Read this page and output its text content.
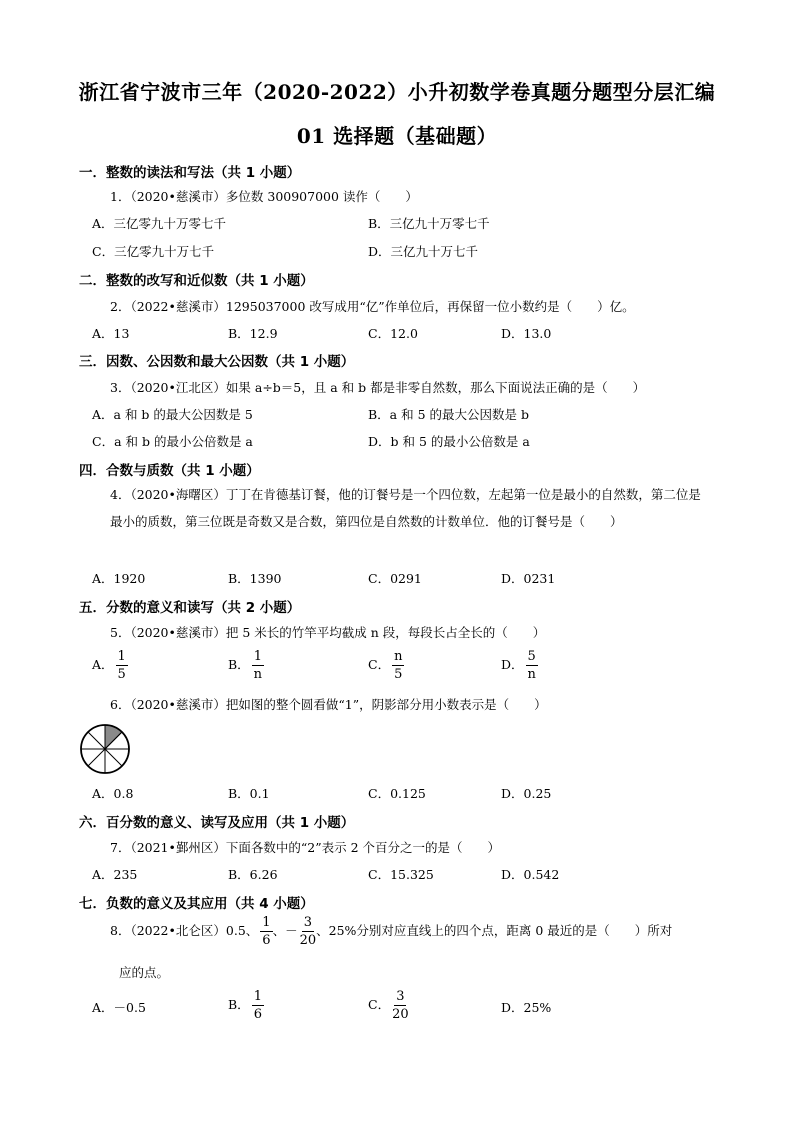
浙江省宁波市三年（2020-2022）小升初数学卷真题分题型分层汇编
01 选择题（基础题）
一．整数的读法和写法（共 1 小题）
1．（2020•慈溪市）多位数 300907000 读作（　　）
A．三亿零九十万零七千	B．三亿九十万零七千
C．三亿零九十万七千	D．三亿九十万七千
二．整数的改写和近似数（共 1 小题）
2．（2022•慈溪市）1295037000 改写成用“亿”作单位后，再保留一位小数约是（　　）亿。
A．13	B．12.9	C．12.0	D．13.0
三．因数、公因数和最大公因数（共 1 小题）
3．（2020•江北区）如果 a÷b＝5，且 a 和 b 都是非零自然数，那么下面说法正确的是（　　）
A．a 和 b 的最大公因数是 5	B．a 和 5 的最大公因数是 b
C．a 和 b 的最小公倍数是 a	D．b 和 5 的最小公倍数是 a
四．合数与质数（共 1 小题）
4．（2020•海曙区）丁丁在肯德基订餐，他的订餐号是一个四位数，左起第一位是最小的自然数，第二位是最小的质数，第三位既是奇数又是合数，第四位是自然数的计数单位．他的订餐号是（　　）
A．1920	B．1390	C．0291	D．0231
五．分数的意义和读写（共 2 小题）
5．（2020•慈溪市）把 5 米长的竹竿平均截成 n 段，每段长占全长的（　　）
A． $\frac{1}{5}$	B． $\frac{1}{n}$	C． $\frac{n}{5}$	D． $\frac{5}{n}$
6．（2020•慈溪市）把如图的整个圆看做“1”，阴影部分用小数表示是（　　）
A．0.8	B．0.1	C．0.125	D．0.25
六．百分数的意义、读写及应用（共 1 小题）
7．（2021•鄞州区）下面各数中的“2”表示 2 个百分之一的是（　　）
A．235	B．6.26	C．15.325	D．0.542
七．负数的意义及其应用（共 4 小题）
8．（2022•北仑区）0.5、 $\frac{1}{6}$ 、－ $\frac{3}{20}$ 、25%分别对应直线上的四个点，距离 0 最近的是（　　）所对
应的点。
A．－0.5	B． $\frac{1}{6}$	C． $\frac{3}{20}$	D．25%
